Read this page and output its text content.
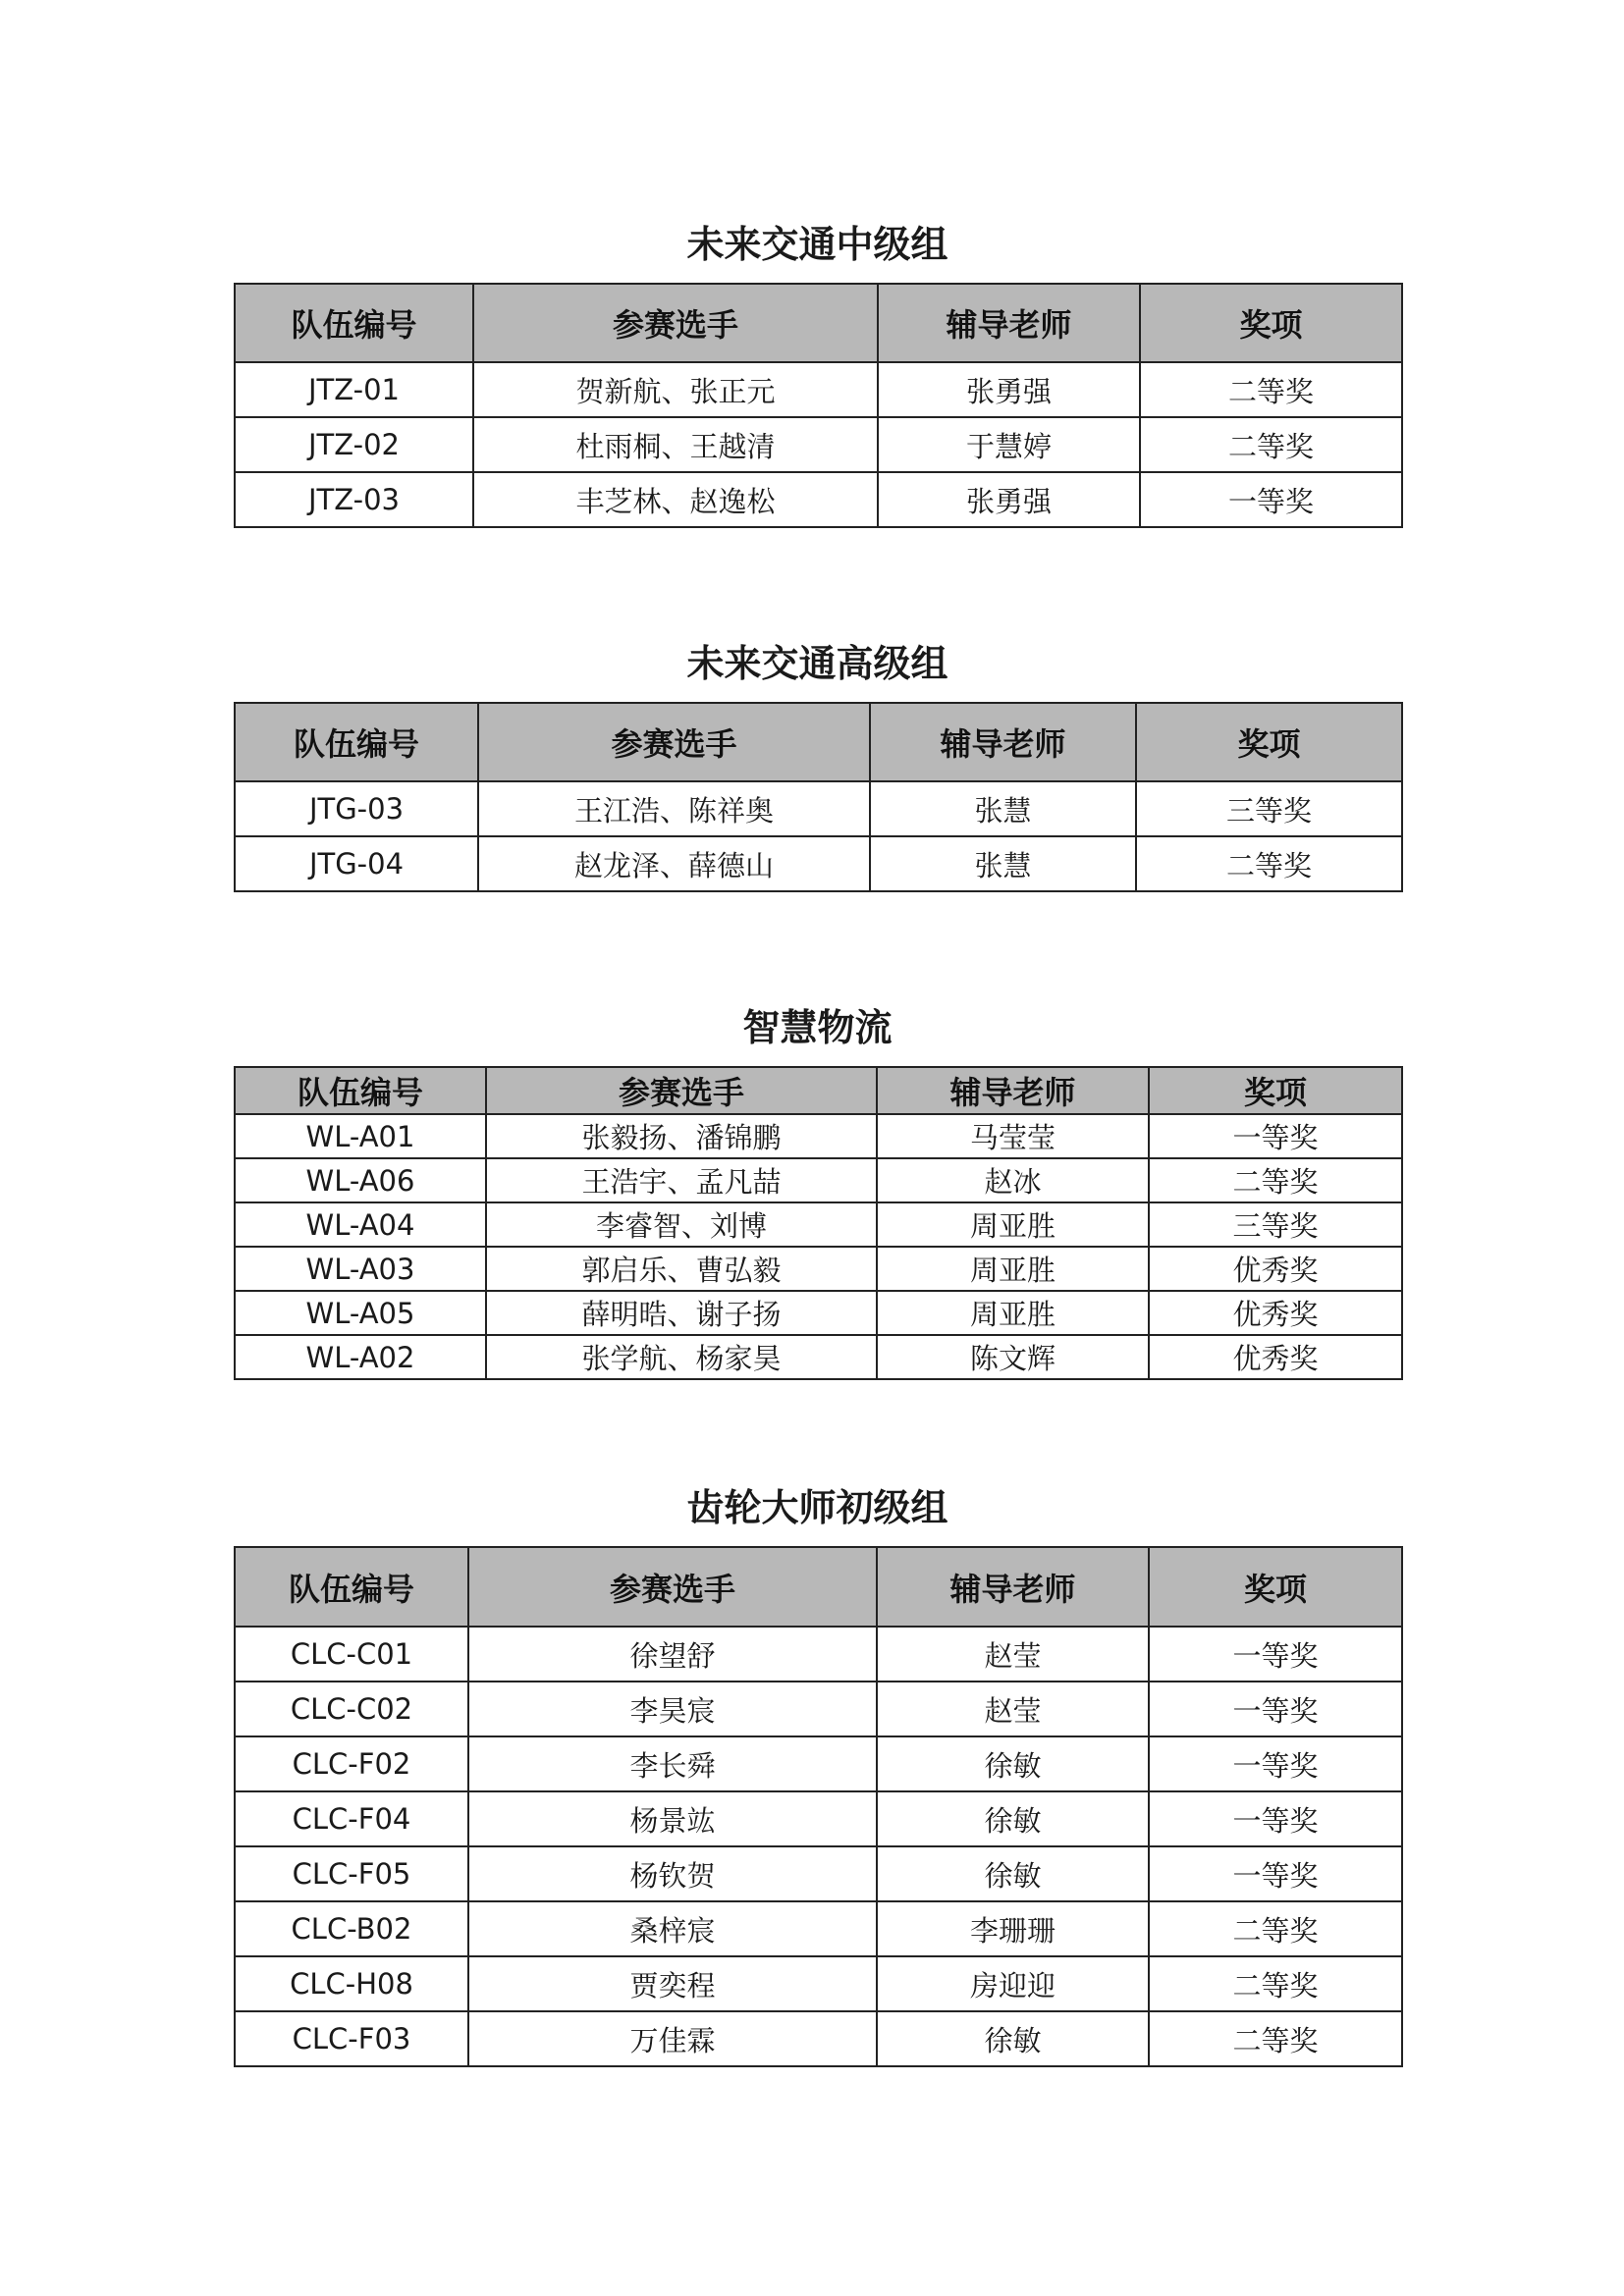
未来交通中级组
队伍编号	参赛选手	辅导老师	奖项
JTZ-01	贺新航、张正元	张勇强	二等奖
JTZ-02	杜雨桐、王越清	于慧婷	二等奖
JTZ-03	丰芝林、赵逸松	张勇强	一等奖
未来交通高级组
队伍编号	参赛选手	辅导老师	奖项
JTG-03	王江浩、陈祥奥	张慧	三等奖
JTG-04	赵龙泽、薛德山	张慧	二等奖
智慧物流
队伍编号	参赛选手	辅导老师	奖项
WL-A01	张毅扬、潘锦鹏	马莹莹	一等奖
WL-A06	王浩宇、孟凡喆	赵冰	二等奖
WL-A04	李睿智、刘博	周亚胜	三等奖
WL-A03	郭启乐、曹弘毅	周亚胜	优秀奖
WL-A05	薛明晧、谢子扬	周亚胜	优秀奖
WL-A02	张学航、杨家昊	陈文辉	优秀奖
齿轮大师初级组
队伍编号	参赛选手	辅导老师	奖项
CLC-C01	徐望舒	赵莹	一等奖
CLC-C02	李昊宸	赵莹	一等奖
CLC-F02	李长舜	徐敏	一等奖
CLC-F04	杨景竑	徐敏	一等奖
CLC-F05	杨钦贺	徐敏	一等奖
CLC-B02	桑梓宸	李珊珊	二等奖
CLC-H08	贾奕程	房迎迎	二等奖
CLC-F03	万佳霖	徐敏	二等奖
